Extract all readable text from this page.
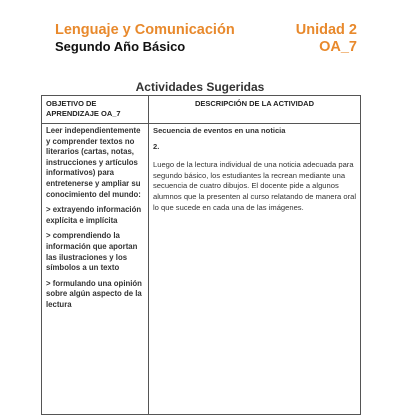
Lenguaje y Comunicación
Segundo Año Básico
Unidad 2
OA_7
Actividades Sugeridas
OBJETIVO DE APRENDIZAJE OA_7
DESCRIPCIÓN DE LA ACTIVIDAD

Leer independientemente y comprender textos no literarios (cartas, notas, instrucciones y artículos informativos) para entretenerse y ampliar su conocimiento del mundo:

> extrayendo información explícita e implícita

> comprendiendo la información que aportan las ilustraciones y los símbolos a un texto

> formulando una opinión sobre algún aspecto de la lectura

Secuencia de eventos en una noticia

2.

Luego de la lectura individual de una noticia adecuada para segundo básico, los estudiantes la recrean mediante una secuencia de cuatro dibujos. El docente pide a algunos alumnos que la presenten al curso relatando de manera oral lo que sucede en cada una de las imágenes.
